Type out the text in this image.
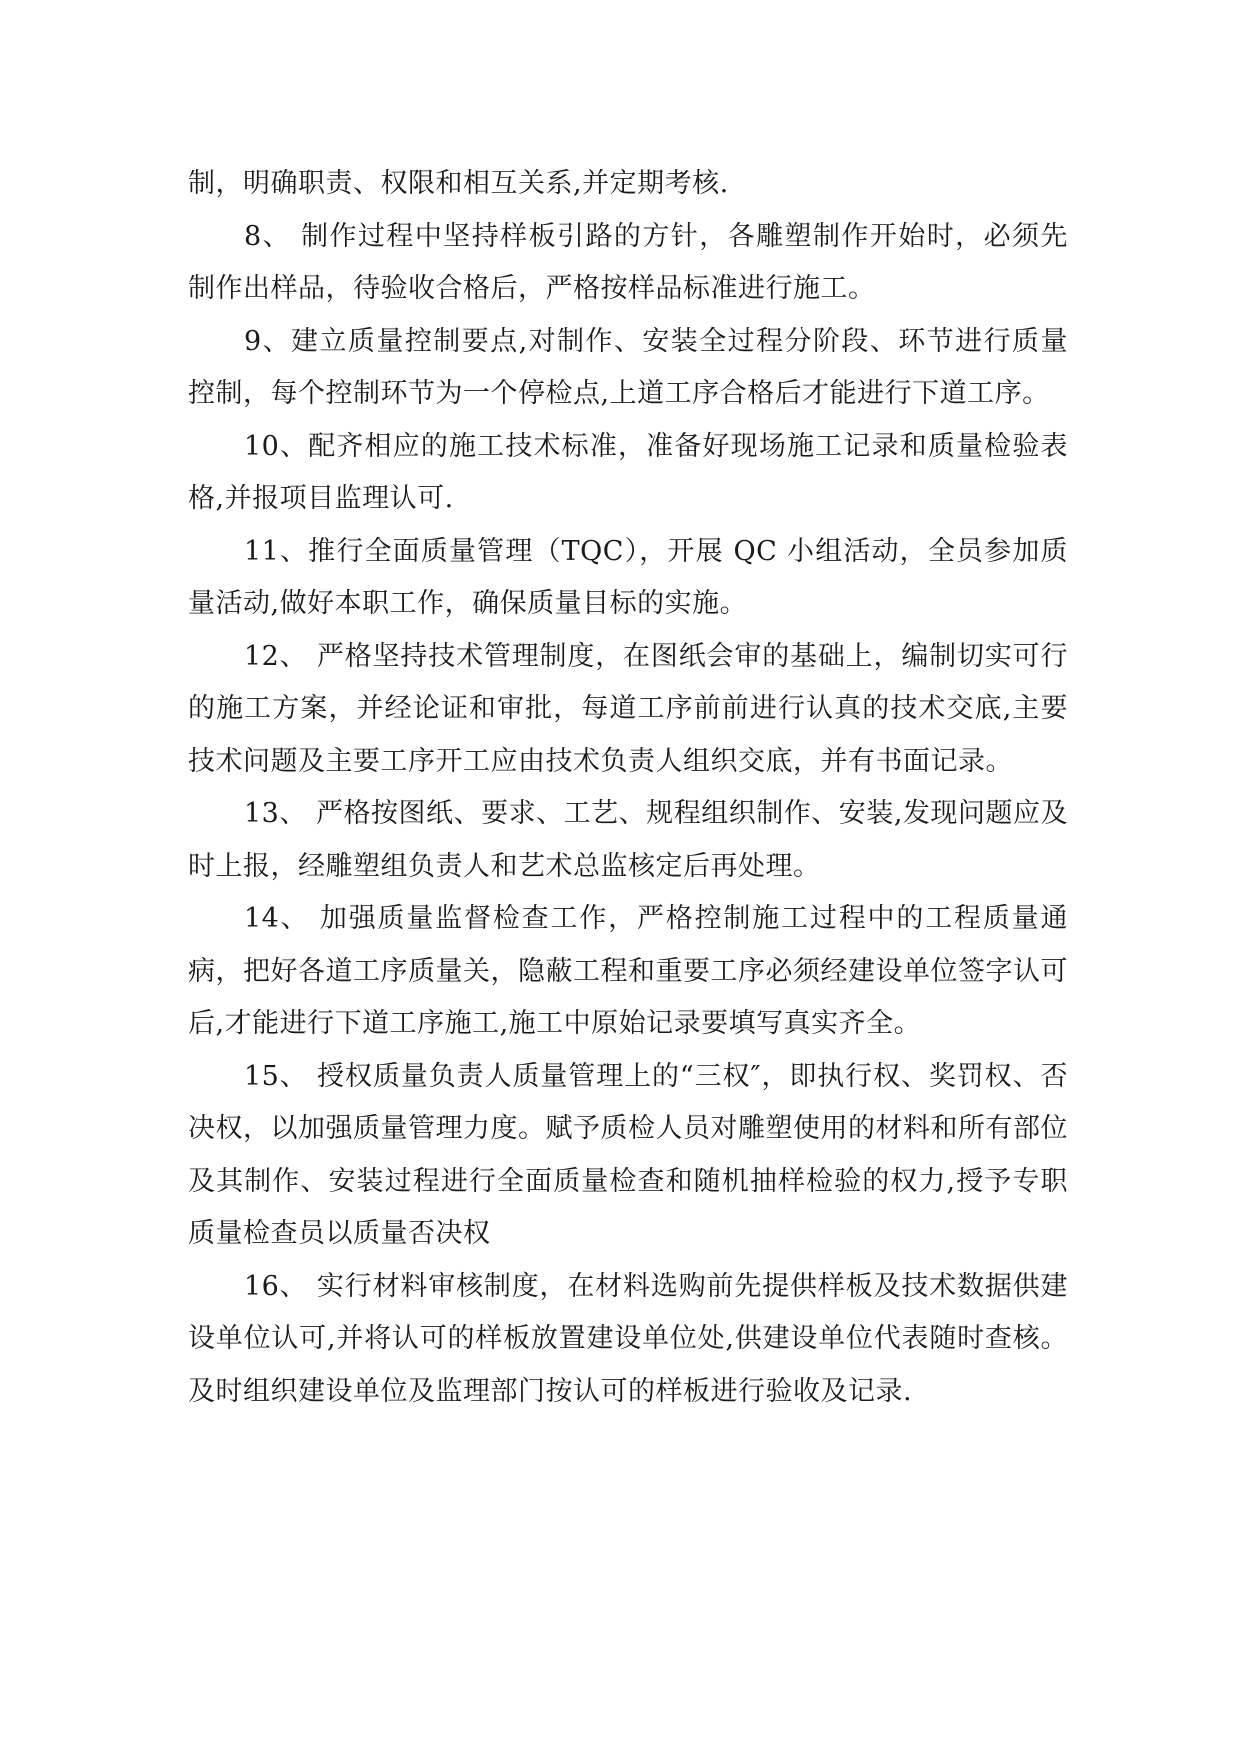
制，明确职责、权限和相互关系,并定期考核.

8、 制作过程中坚持样板引路的方针，各雕塑制作开始时，必须先制作出样品，待验收合格后，严格按样品标准进行施工。

9、建立质量控制要点,对制作、安装全过程分阶段、环节进行质量控制，每个控制环节为一个停检点,上道工序合格后才能进行下道工序。

10、配齐相应的施工技术标准，准备好现场施工记录和质量检验表格,并报项目监理认可.

11、推行全面质量管理（TQC），开展 QC 小组活动，全员参加质量活动,做好本职工作，确保质量目标的实施。

12、 严格坚持技术管理制度，在图纸会审的基础上，编制切实可行的施工方案，并经论证和审批，每道工序前前进行认真的技术交底,主要技术问题及主要工序开工应由技术负责人组织交底，并有书面记录。

13、 严格按图纸、要求、工艺、规程组织制作、安装,发现问题应及时上报，经雕塑组负责人和艺术总监核定后再处理。

14、 加强质量监督检查工作，严格控制施工过程中的工程质量通病，把好各道工序质量关，隐蔽工程和重要工序必须经建设单位签字认可后,才能进行下道工序施工,施工中原始记录要填写真实齐全。

15、 授权质量负责人质量管理上的“三权″，即执行权、奖罚权、否决权，以加强质量管理力度。赋予质检人员对雕塑使用的材料和所有部位及其制作、安装过程进行全面质量检查和随机抽样检验的权力,授予专职质量检查员以质量否决权

16、 实行材料审核制度，在材料选购前先提供样板及技术数据供建设单位认可,并将认可的样板放置建设单位处,供建设单位代表随时查核。及时组织建设单位及监理部门按认可的样板进行验收及记录.
